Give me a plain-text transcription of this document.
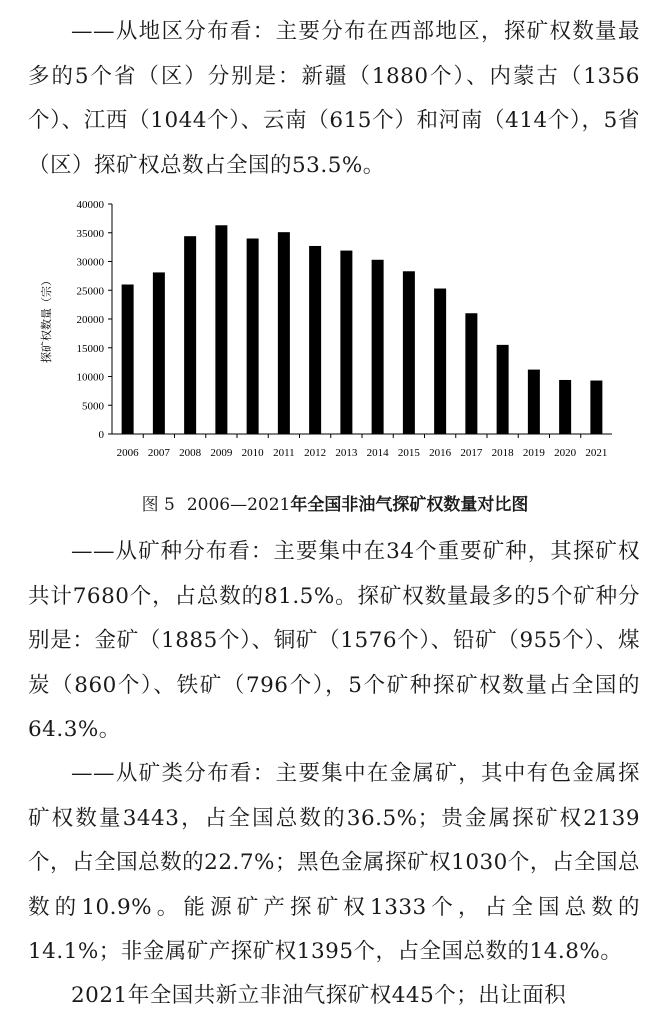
——从地区分布看：主要分布在西部地区，探矿权数量最多的5个省（区）分别是：新疆（1880个）、内蒙古（1356个）、江西（1044个）、云南（615个）和河南（414个），5省（区）探矿权总数占全国的53.5%。

0
5000
10000
15000
20000
25000
30000
35000
40000
探矿权数量（宗）
2006 2007 2008 2009 2010 2011 2012 2013 2014 2015 2016 2017 2018 2019 2020 2021
图 5 2006—2021年全国非油气探矿权数量对比图

——从矿种分布看：主要集中在34个重要矿种，其探矿权共计7680个，占总数的81.5%。探矿权数量最多的5个矿种分别是：金矿（1885个）、铜矿（1576个）、铅矿（955个）、煤炭（860个）、铁矿（796个），5个矿种探矿权数量占全国的64.3%。

——从矿类分布看：主要集中在金属矿，其中有色金属探矿权数量3443，占全国总数的36.5%；贵金属探矿权2139个，占全国总数的22.7%；黑色金属探矿权1030个，占全国总数的10.9%。能源矿产探矿权1333个，占全国总数的14.1%；非金属矿产探矿权1395个，占全国总数的14.8%。

2021年全国共新立非油气探矿权445个；出让面积
